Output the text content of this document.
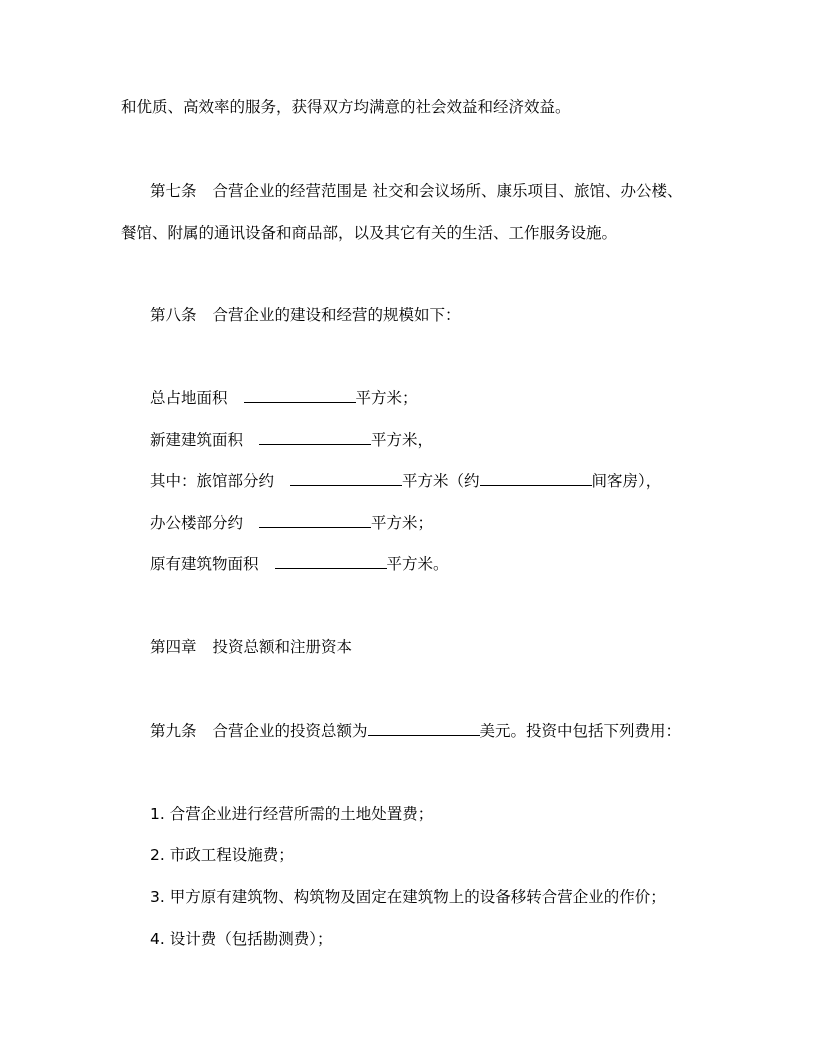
和优质、高效率的服务，获得双方均满意的社会效益和经济效益。
第七条 合营企业的经营范围是 社交和会议场所、康乐项目、旅馆、办公楼、
餐馆、附属的通讯设备和商品部，以及其它有关的生活、工作服务设施。
第八条 合营企业的建设和经营的规模如下：
总占地面积	平方米；
新建建筑面积	平方米，
其中：旅馆部分约	平方米（约	间客房），
办公楼部分约	平方米；
原有建筑物面积	平方米。
第四章 投资总额和注册资本
第九条 合营企业的投资总额为	美元。投资中包括下列费用：
1. 合营企业进行经营所需的土地处置费；
2. 市政工程设施费；
3. 甲方原有建筑物、构筑物及固定在建筑物上的设备移转合营企业的作价；
4. 设计费（包括勘测费）；
